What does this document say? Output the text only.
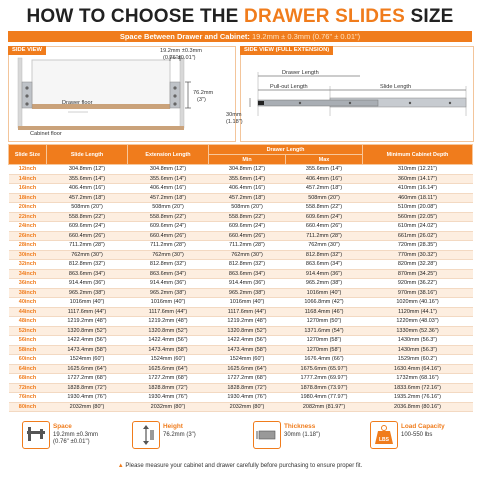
HOW TO CHOOSE THE DRAWER SLIDES SIZE
Space Between Drawer and Cabinet: 19.2mm ± 0.3mm (0.76" ± 0.01")
SIDE VIEW	19.2mm ±0.3mm
(0.76"±0.01")
76.2mm
(3")
Drawer floor
Cabinet floor
SIDE VIEW (FULL EXTENSION)
Drawer Length
Pull-out Length	Slide Length
30mm
(1.18")
Slide Size	Slide Length	Extension Length	Drawer Length		Minimum Cabinet Depth
			Min	Max	
12inch	304.8mm (12")	304.8mm (12")	304.8mm (12")	355.6mm (14")	310mm (12.21")
14inch	355.6mm (14")	355.6mm (14")	355.6mm (14")	406.4mm (16")	360mm (14.17")
16inch	406.4mm (16")	406.4mm (16")	406.4mm (16")	457.2mm (18")	410mm (16.14")
18inch	457.2mm (18")	457.2mm (18")	457.2mm (18")	508mm (20")	460mm (18.11")
20inch	508mm (20")	508mm (20")	508mm (20")	558.8mm (22")	510mm (20.08")
22inch	558.8mm (22")	558.8mm (22")	558.8mm (22")	609.6mm (24")	560mm (22.05")
24inch	609.6mm (24")	609.6mm (24")	609.6mm (24")	660.4mm (26")	610mm (24.02")
26inch	660.4mm (26")	660.4mm (26")	660.4mm (26")	711.2mm (28")	661mm (26.02")
28inch	711.2mm (28")	711.2mm (28")	711.2mm (28")	762mm (30")	720mm (28.35")
30inch	762mm (30")	762mm (30")	762mm (30")	812.8mm (32")	770mm (30.32")
32inch	812.8mm (32")	812.8mm (32")	812.8mm (32")	863.6mm (34")	820mm (32.28")
34inch	863.6mm (34")	863.6mm (34")	863.6mm (34")	914.4mm (36")	870mm (34.25")
36inch	914.4mm (36")	914.4mm (36")	914.4mm (36")	965.2mm (38")	920mm (36.22")
38inch	965.2mm (38")	965.2mm (38")	965.2mm (38")	1016mm (40")	970mm (38.16")
40inch	1016mm (40")	1016mm (40")	1016mm (40")	1066.8mm (42")	1020mm (40.16")
44inch	1117.6mm (44")	1117.6mm (44")	1117.6mm (44")	1168.4mm (46")	1120mm (44.1")
48inch	1219.2mm (48")	1219.2mm (48")	1219.2mm (48")	1270mm (50")	1220mm (48.03")
52inch	1320.8mm (52")	1320.8mm (52")	1320.8mm (52")	1371.6mm (54")	1330mm (52.36")
56inch	1422.4mm (56")	1422.4mm (56")	1422.4mm (56")	1270mm (58")	1430mm (56.3")
58inch	1473.4mm (58")	1473.4mm (58")	1473.4mm (58")	1270mm (58")	1430mm (56.3")
60inch	1524mm (60")	1524mm (60")	1524mm (60")	1676.4mm (66")	1529mm (60.2")
64inch	1625.6mm (64")	1625.6mm (64")	1625.6mm (64")	1675.6mm (65.97")	1630.4mm (64.16")
68inch	1727.2mm (68")	1727.2mm (68")	1727.2mm (68")	1777.2mm (69.97")	1732mm (68.16")
72inch	1828.8mm (72")	1828.8mm (72")	1828.8mm (72")	1878.8mm (73.97")	1833.6mm (72.16")
76inch	1930.4mm (76")	1930.4mm (76")	1930.4mm (76")	1980.4mm (77.97")	1935.2mm (76.16")
80inch	2032mm (80")	2032mm (80")	2032mm (80")	2082mm (81.97")	2036.8mm (80.16")
Space
19.2mm ±0.3mm
(0.76" ±0.01")
Height
76.2mm (3")
Thickness
30mm (1.18")
LBS
Load Capacity
100-550 lbs
▲ Please measure your cabinet and drawer carefully before purchasing to ensure proper fit.
